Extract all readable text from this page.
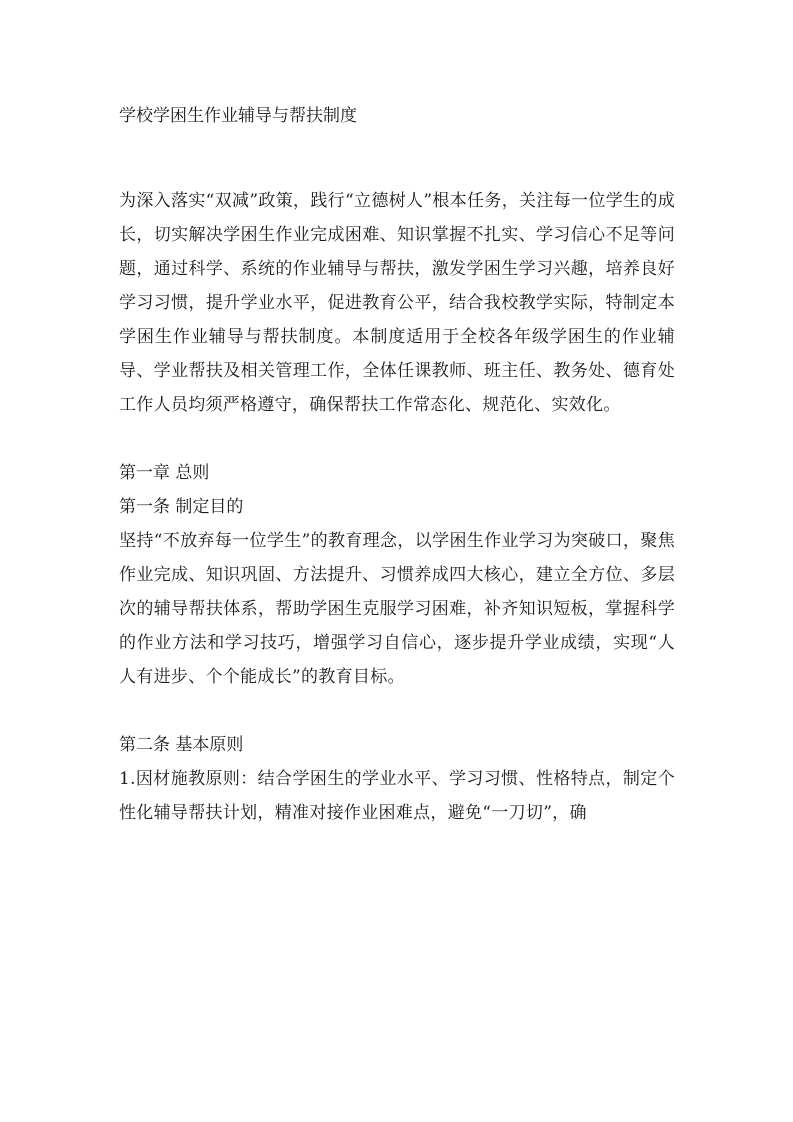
学校学困生作业辅导与帮扶制度

为深入落实“双减”政策，践行“立德树人”根本任务，关注每一位学生的成长，切实解决学困生作业完成困难、知识掌握不扎实、学习信心不足等问题，通过科学、系统的作业辅导与帮扶，激发学困生学习兴趣，培养良好学习习惯，提升学业水平，促进教育公平，结合我校教学实际，特制定本学困生作业辅导与帮扶制度。本制度适用于全校各年级学困生的作业辅导、学业帮扶及相关管理工作，全体任课教师、班主任、教务处、德育处工作人员均须严格遵守，确保帮扶工作常态化、规范化、实效化。

第一章 总则

第一条 制定目的

坚持“不放弃每一位学生”的教育理念，以学困生作业学习为突破口，聚焦作业完成、知识巩固、方法提升、习惯养成四大核心，建立全方位、多层次的辅导帮扶体系，帮助学困生克服学习困难，补齐知识短板，掌握科学的作业方法和学习技巧，增强学习自信心，逐步提升学业成绩，实现“人人有进步、个个能成长”的教育目标。

第二条 基本原则

1.因材施教原则：结合学困生的学业水平、学习习惯、性格特点，制定个性化辅导帮扶计划，精准对接作业困难点，避免“一刀切”，确
